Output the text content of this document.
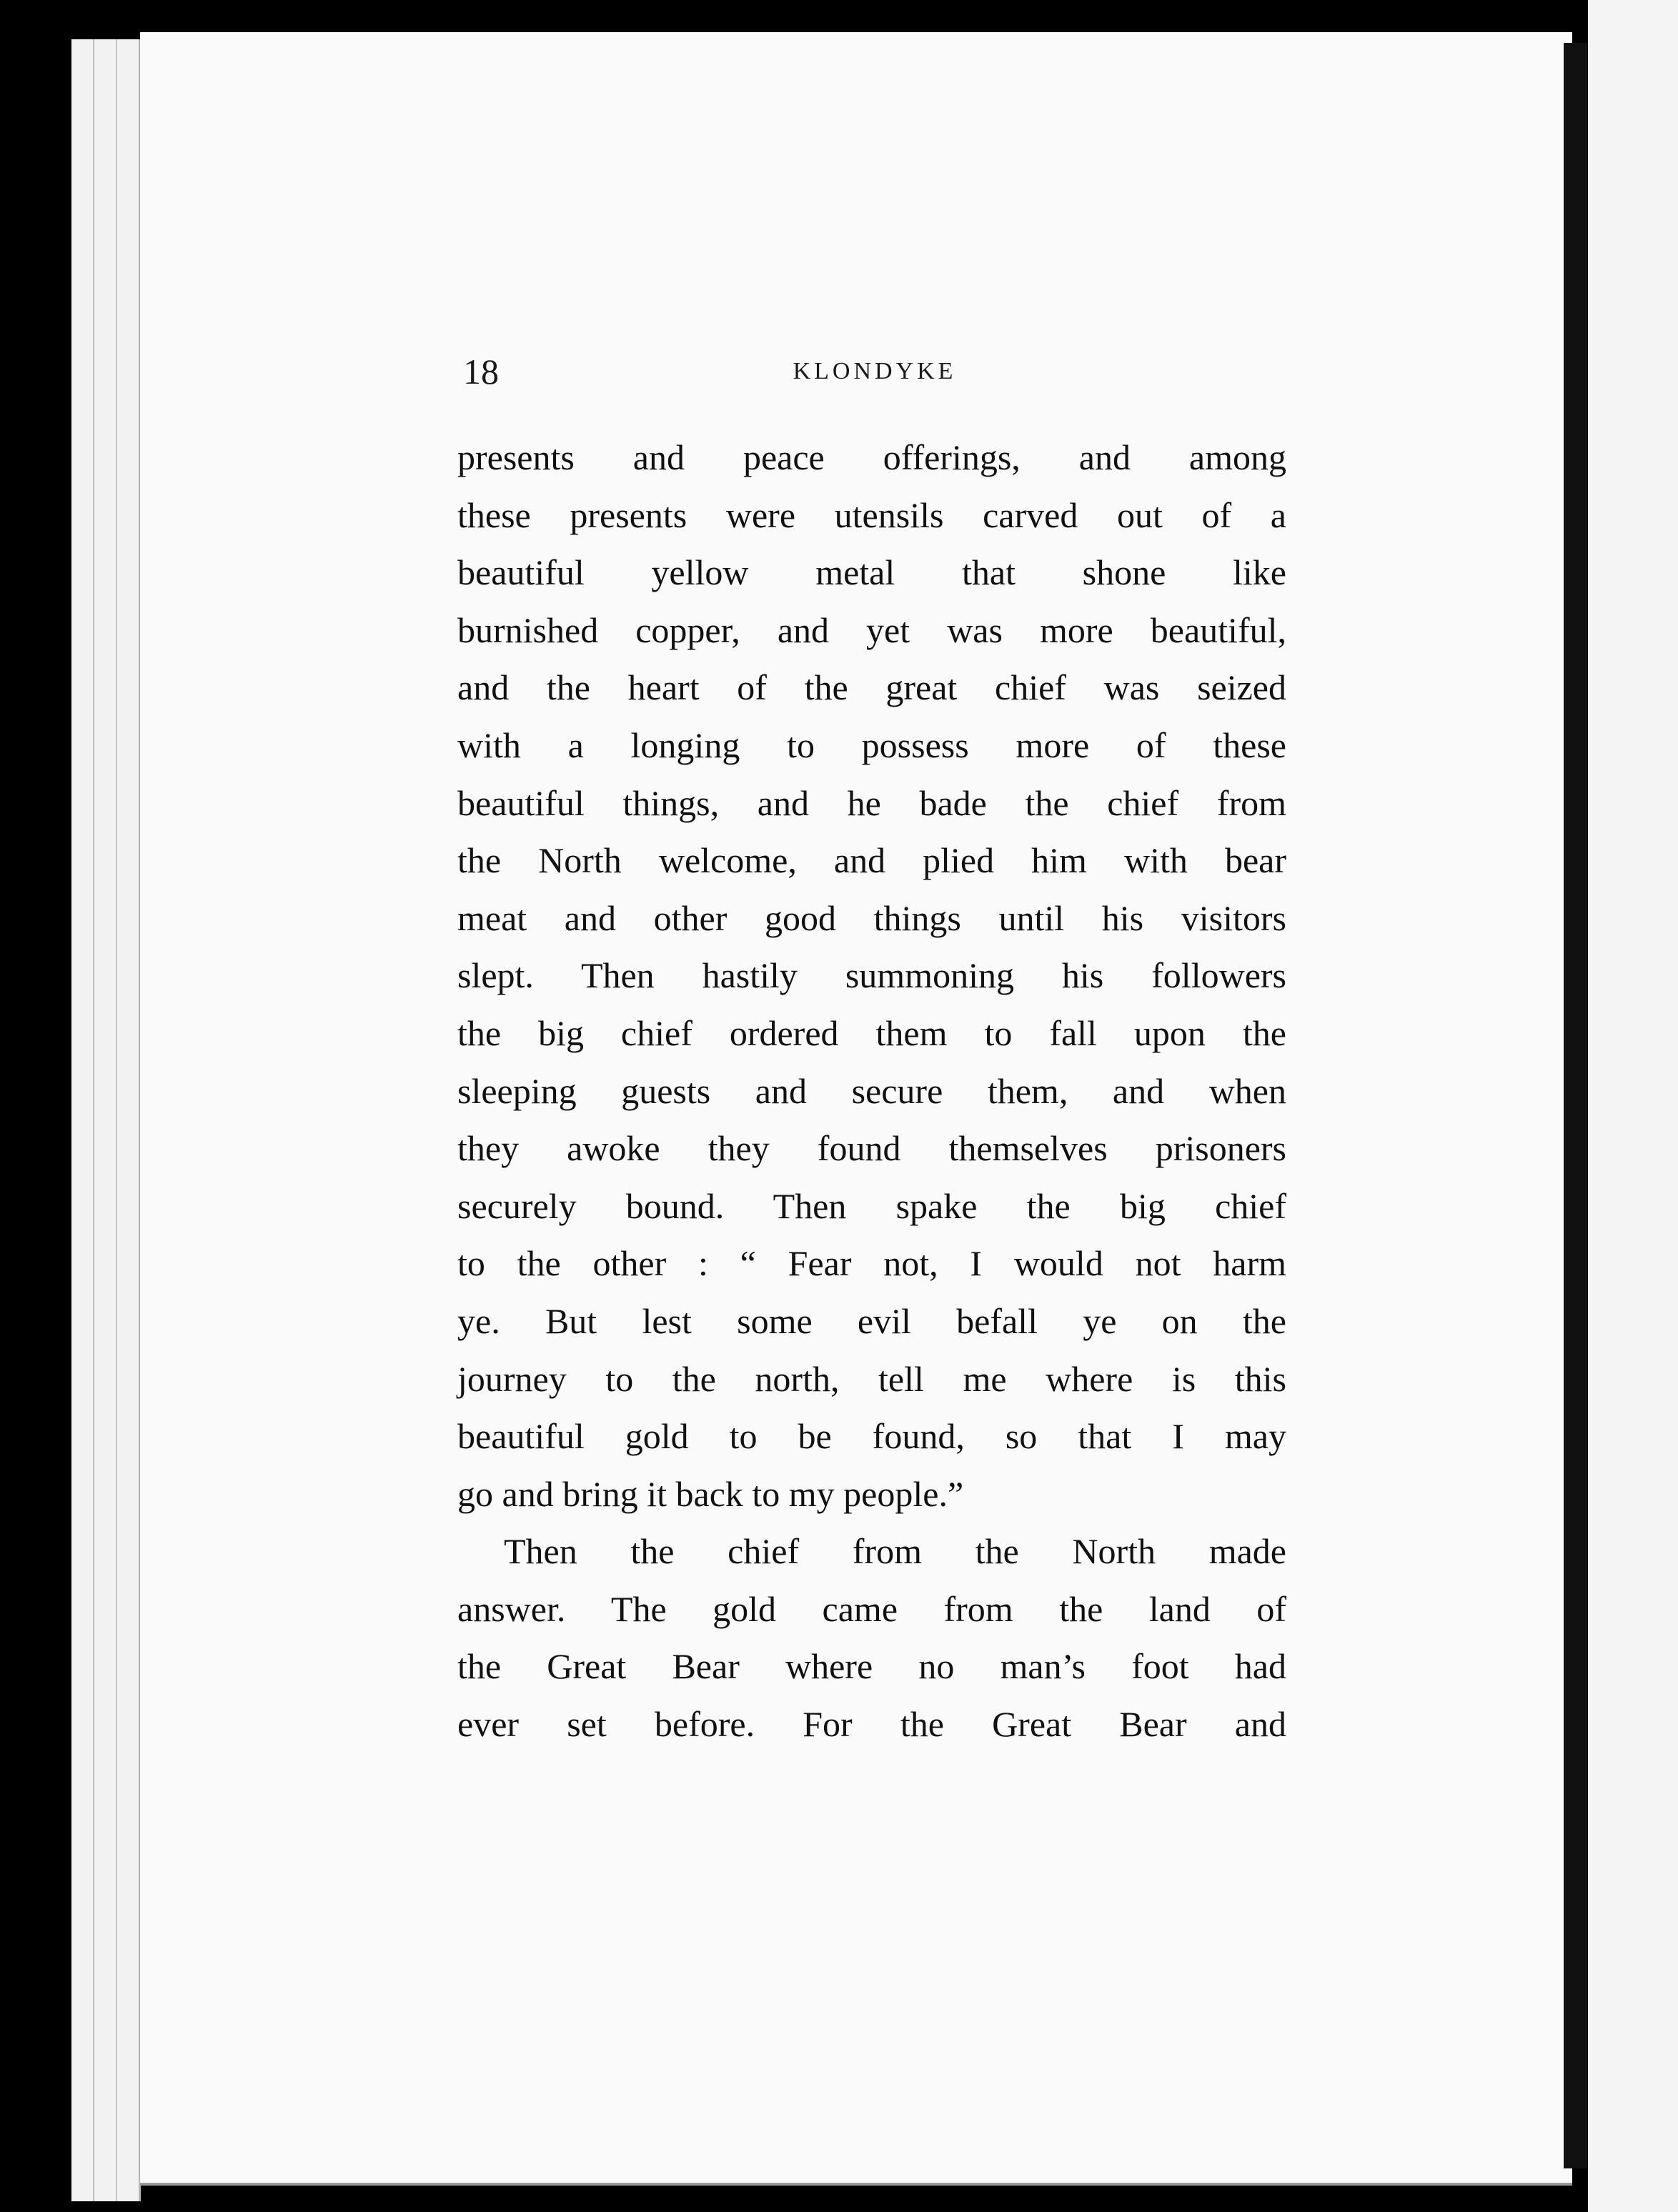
18	KLONDYKE
presents and peace offerings, and among
these presents were utensils carved out of a
beautiful yellow metal that shone like
burnished copper, and yet was more beautiful,
and the heart of the great chief was seized
with a longing to possess more of these
beautiful things, and he bade the chief from
the North welcome, and plied him with bear
meat and other good things until his visitors
slept. Then hastily summoning his followers
the big chief ordered them to fall upon the
sleeping guests and secure them, and when
they awoke they found themselves prisoners
securely bound. Then spake the big chief
to the other : “ Fear not, I would not harm
ye. But lest some evil befall ye on the
journey to the north, tell me where is this
beautiful gold to be found, so that I may
go and bring it back to my people.”
Then the chief from the North made
answer. The gold came from the land of
the Great Bear where no man’s foot had
ever set before. For the Great Bear and
